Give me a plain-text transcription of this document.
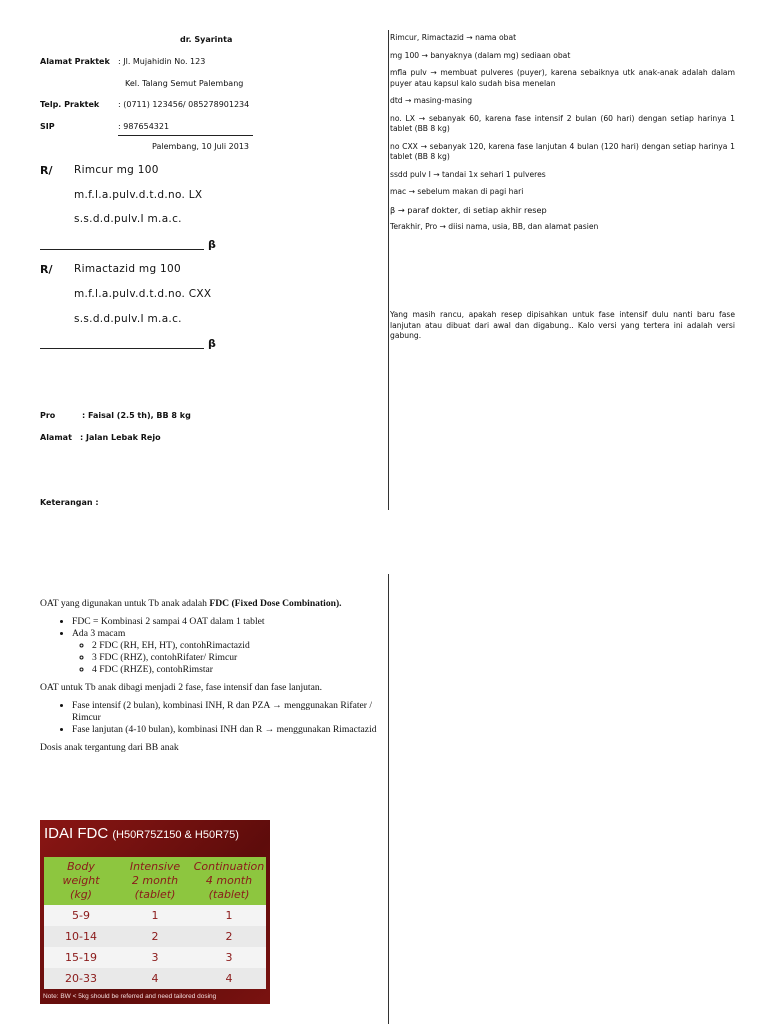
dr. Syarinta
Alamat Praktek : Jl. Mujahidin No. 123
Kel. Talang Semut Palembang
Telp. Praktek : (0711) 123456/ 085278901234
SIP	: 987654321
Palembang, 10 Juli 2013
R/ Rimcur mg 100
m.f.l.a.pulv.d.t.d.no. LX
s.s.d.d.pulv.I m.a.c.
β
R/ Rimactazid mg 100
m.f.l.a.pulv.d.t.d.no. CXX
s.s.d.d.pulv.I m.a.c.
β
Pro	: Faisal (2.5 th), BB 8 kg
Alamat : Jalan Lebak Rejo
Keterangan :

Rimcur, Rimactazid → nama obat

mg 100 → banyaknya (dalam mg) sediaan obat

mfla pulv → membuat pulveres (puyer), karena sebaiknya utk anak-anak adalah dalam puyer atau kapsul kalo sudah bisa menelan

dtd → masing-masing

no. LX → sebanyak 60, karena fase intensif 2 bulan (60 hari) dengan setiap harinya 1 tablet (BB 8 kg)

no CXX → sebanyak 120, karena fase lanjutan 4 bulan (120 hari) dengan setiap harinya 1 tablet (BB 8 kg)

ssdd pulv I → tandai 1x sehari 1 pulveres

mac → sebelum makan di pagi hari

β → paraf dokter, di setiap akhir resep

Terakhir, Pro → diisi nama, usia, BB, dan alamat pasien

Yang masih rancu, apakah resep dipisahkan untuk fase intensif dulu nanti baru fase lanjutan atau dibuat dari awal dan digabung.. Kalo versi yang tertera ini adalah versi gabung.

OAT yang digunakan untuk Tb anak adalah FDC (Fixed Dose Combination).

• FDC = Kombinasi 2 sampai 4 OAT dalam 1 tablet
• Ada 3 macam
◦ 2 FDC (RH, EH, HT), contohRimactazid
◦ 3 FDC (RHZ), contohRifater/ Rimcur
◦ 4 FDC (RHZE), contohRimstar

OAT untuk Tb anak dibagi menjadi 2 fase, fase intensif dan fase lanjutan.

• Fase intensif (2 bulan), kombinasi INH, R dan PZA → menggunakan Rifater / Rimcur
• Fase lanjutan (4-10 bulan), kombinasi INH dan R → menggunakan Rimactazid

Dosis anak tergantung dari BB anak

IDAI FDC (H50R75Z150 & H50R75)
Body
weight
(kg)	Intensive
2 month
(tablet)	Continuation
4 month
(tablet)
5-9	1	1
10-14	2	2
15-19	3	3
20-33	4	4
Note: BW < 5kg should be referred and need tailored dosing
